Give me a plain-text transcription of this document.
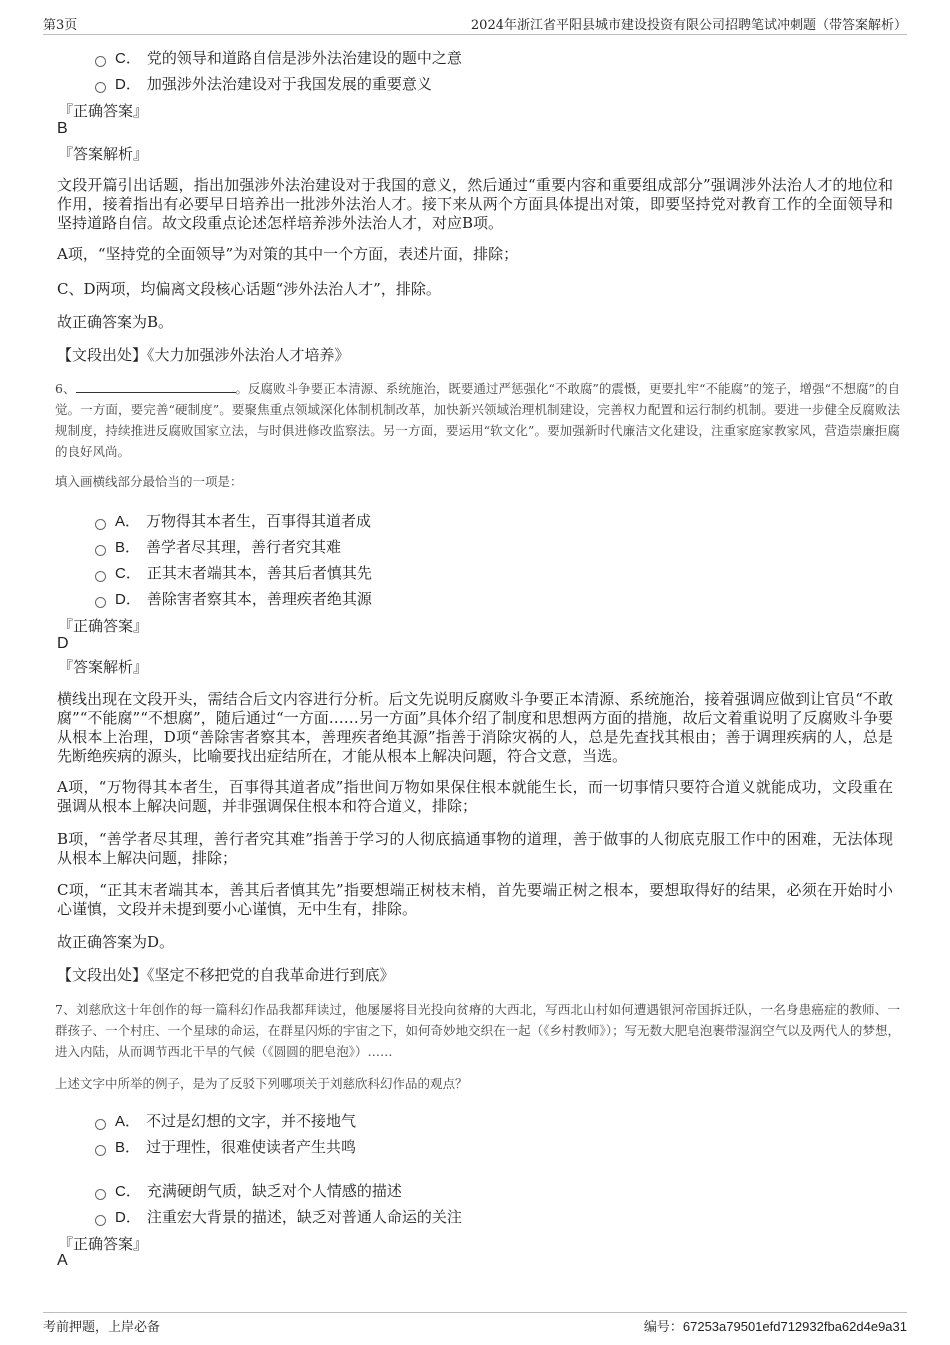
第3页	2024年浙江省平阳县城市建设投资有限公司招聘笔试冲刺题（带答案解析）
C． 党的领导和道路自信是涉外法治建设的题中之意
D． 加强涉外法治建设对于我国发展的重要意义
『正确答案』
B
『答案解析』
文段开篇引出话题，指出加强涉外法治建设对于我国的意义，然后通过“重要内容和重要组成部分”强调涉外法治人才的地位和作用，接着指出有必要早日培养出一批涉外法治人才。接下来从两个方面具体提出对策，即要坚持党对教育工作的全面领导和坚持道路自信。故文段重点论述怎样培养涉外法治人才，对应B项。
A项，“坚持党的全面领导”为对策的其中一个方面，表述片面，排除；
C、D两项，均偏离文段核心话题“涉外法治人才”，排除。
故正确答案为B。
【文段出处】《大力加强涉外法治人才培养》
6、	。反腐败斗争要正本清源、系统施治，既要通过严惩强化“不敢腐”的震慑，更要扎牢“不能腐”的笼子，增强“不想腐”的自觉。一方面，要完善“硬制度”。要聚焦重点领域深化体制机制改革，加快新兴领域治理机制建设，完善权力配置和运行制约机制。要进一步健全反腐败法规制度，持续推进反腐败国家立法，与时俱进修改监察法。另一方面，要运用“软文化”。要加强新时代廉洁文化建设，注重家庭家教家风，营造崇廉拒腐的良好风尚。
填入画横线部分最恰当的一项是：
A． 万物得其本者生，百事得其道者成
B． 善学者尽其理，善行者究其难
C． 正其末者端其本，善其后者慎其先
D． 善除害者察其本，善理疾者绝其源
『正确答案』
D
『答案解析』
横线出现在文段开头，需结合后文内容进行分析。后文先说明反腐败斗争要正本清源、系统施治，接着强调应做到让官员“不敢腐”“不能腐”“不想腐”，随后通过“一方面……另一方面”具体介绍了制度和思想两方面的措施，故后文着重说明了反腐败斗争要从根本上治理，D项“善除害者察其本，善理疾者绝其源”指善于消除灾祸的人，总是先查找其根由；善于调理疾病的人，总是先断绝疾病的源头，比喻要找出症结所在，才能从根本上解决问题，符合文意，当选。
A项，“万物得其本者生，百事得其道者成”指世间万物如果保住根本就能生长，而一切事情只要符合道义就能成功，文段重在强调从根本上解决问题，并非强调保住根本和符合道义，排除；
B项，“善学者尽其理，善行者究其难”指善于学习的人彻底搞通事物的道理，善于做事的人彻底克服工作中的困难，无法体现从根本上解决问题，排除；
C项，“正其末者端其本，善其后者慎其先”指要想端正树枝末梢，首先要端正树之根本，要想取得好的结果，必须在开始时小心谨慎，文段并未提到要小心谨慎，无中生有，排除。
故正确答案为D。
【文段出处】《坚定不移把党的自我革命进行到底》
7、刘慈欣这十年创作的每一篇科幻作品我都拜读过，他屡屡将目光投向贫瘠的大西北，写西北山村如何遭遇银河帝国拆迁队，一名身患癌症的教师、一群孩子、一个村庄、一个星球的命运，在群星闪烁的宇宙之下，如何奇妙地交织在一起（《乡村教师》）；写无数大肥皂泡裹带湿润空气以及两代人的梦想，进入内陆，从而调节西北干旱的气候（《圆圆的肥皂泡》）……
上述文字中所举的例子，是为了反驳下列哪项关于刘慈欣科幻作品的观点？
A． 不过是幻想的文字，并不接地气
B． 过于理性，很难使读者产生共鸣
C． 充满硬朗气质，缺乏对个人情感的描述
D． 注重宏大背景的描述，缺乏对普通人命运的关注
『正确答案』
A
考前押题，上岸必备	编号：67253a79501efd712932fba62d4e9a31
